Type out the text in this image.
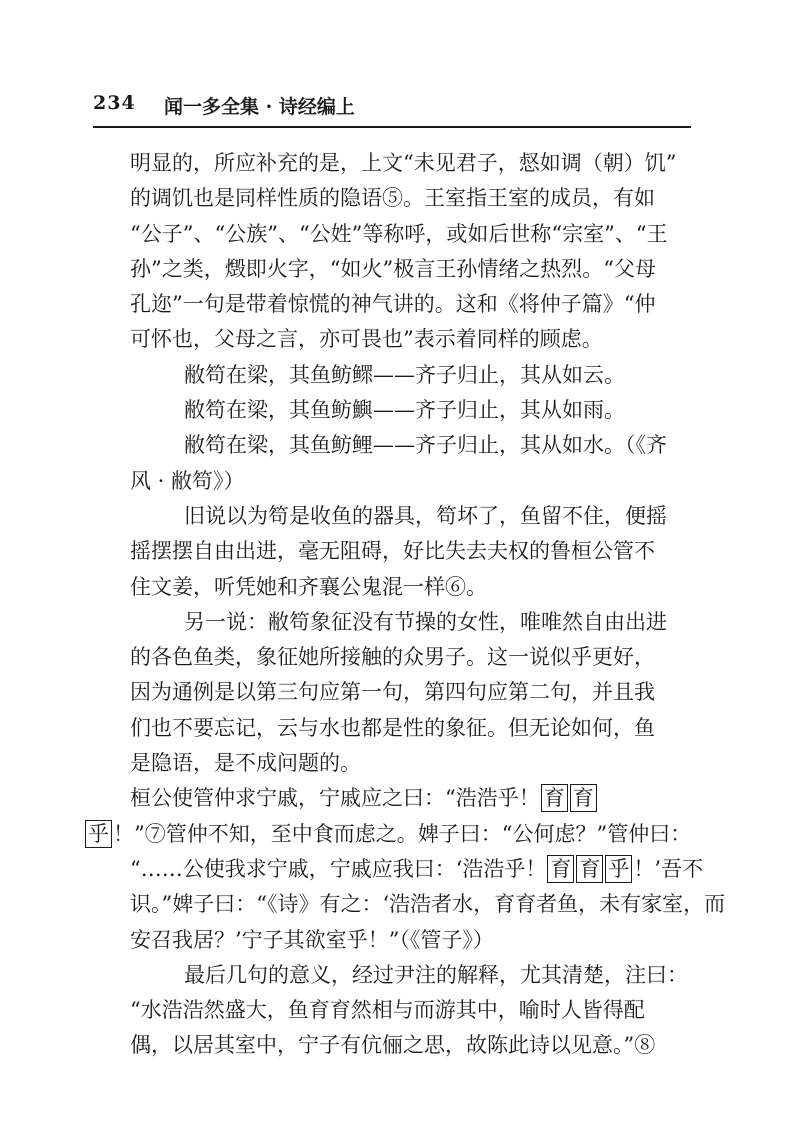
234 闻一多全集 · 诗经编上
明显的，所应补充的是，上文“未见君子，惄如调（朝）饥”
的调饥也是同样性质的隐语⑤。王室指王室的成员，有如
“公子”、“公族”、“公姓”等称呼，或如后世称“宗室”、“王
孙”之类，燬即火字，“如火”极言王孙情绪之热烈。“父母
孔迩”一句是带着惊慌的神气讲的。这和《将仲子篇》“仲
可怀也，父母之言，亦可畏也”表示着同样的顾虑。
敝笱在梁，其鱼鲂鳏——齐子归止，其从如云。
敝笱在梁，其鱼鲂鱮——齐子归止，其从如雨。
敝笱在梁，其鱼鲂鲤——齐子归止，其从如水。（《齐
风 · 敝笱》）
旧说以为笱是收鱼的器具，笱坏了，鱼留不住，便摇
摇摆摆自由出进，毫无阻碍，好比失去夫权的鲁桓公管不
住文姜，听凭她和齐襄公鬼混一样⑥。
另一说：敝笱象征没有节操的女性，唯唯然自由出进
的各色鱼类，象征她所接触的众男子。这一说似乎更好，
因为通例是以第三句应第一句，第四句应第二句，并且我
们也不要忘记，云与水也都是性的象征。但无论如何，鱼
是隐语，是不成问题的。
桓公使管仲求宁戚，宁戚应之曰：“浩浩乎！ 育 育
乎 ！”⑦管仲不知，至中食而虑之。婢子曰：“公何虑？”管仲曰：
“……公使我求宁戚，宁戚应我曰：‘浩浩乎！ 育 育 乎 ！’吾不
识。”婢子曰：“《诗》有之：‘浩浩者水，育育者鱼，未有家室，而
安召我居？’宁子其欲室乎！”（《管子》）
最后几句的意义，经过尹注的解释，尤其清楚，注曰：
“水浩浩然盛大，鱼育育然相与而游其中，喻时人皆得配
偶，以居其室中，宁子有伉俪之思，故陈此诗以见意。”⑧
